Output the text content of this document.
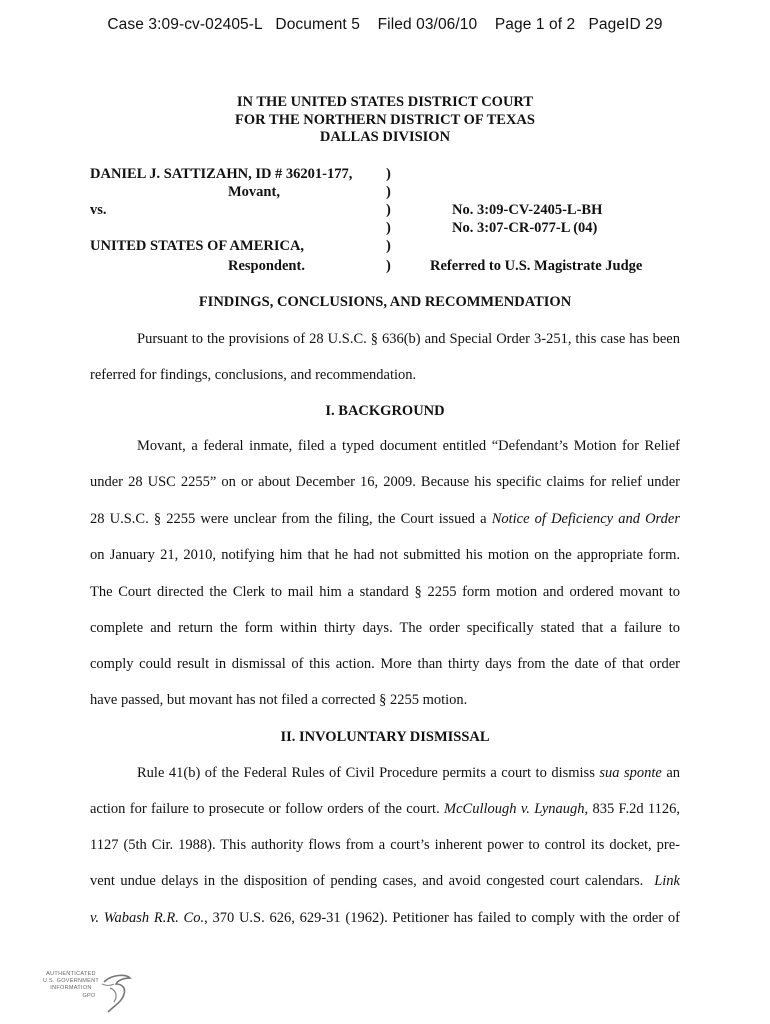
Case 3:09-cv-02405-L   Document 5    Filed 03/06/10    Page 1 of 2   PageID 29
IN THE UNITED STATES DISTRICT COURT
FOR THE NORTHERN DISTRICT OF TEXAS
DALLAS DIVISION
DANIEL J. SATTIZAHN, ID # 36201-177, )
Movant,	)
vs.	)	No. 3:09-CV-2405-L-BH
)	No. 3:07-CR-077-L (04)
UNITED STATES OF AMERICA,	)
Respondent.	)	Referred to U.S. Magistrate Judge
FINDINGS, CONCLUSIONS, AND RECOMMENDATION
Pursuant to the provisions of 28 U.S.C. § 636(b) and Special Order 3-251, this case has been
referred for findings, conclusions, and recommendation.
I. BACKGROUND
Movant, a federal inmate, filed a typed document entitled “Defendant’s Motion for Relief
under 28 USC 2255” on or about December 16, 2009. Because his specific claims for relief under
28 U.S.C. § 2255 were unclear from the filing, the Court issued a Notice of Deficiency and Order
on January 21, 2010, notifying him that he had not submitted his motion on the appropriate form.
The Court directed the Clerk to mail him a standard § 2255 form motion and ordered movant to
complete and return the form within thirty days. The order specifically stated that a failure to
comply could result in dismissal of this action. More than thirty days from the date of that order
have passed, but movant has not filed a corrected § 2255 motion.
II. INVOLUNTARY DISMISSAL
Rule 41(b) of the Federal Rules of Civil Procedure permits a court to dismiss sua sponte an
action for failure to prosecute or follow orders of the court. McCullough v. Lynaugh, 835 F.2d 1126,
1127 (5th Cir. 1988). This authority flows from a court’s inherent power to control its docket, pre-
vent undue delays in the disposition of pending cases, and avoid congested court calendars.  Link
v. Wabash R.R. Co., 370 U.S. 626, 629-31 (1962). Petitioner has failed to comply with the order of
AUTHENTICATED
U.S. GOVERNMENT
INFORMATION
GPO
